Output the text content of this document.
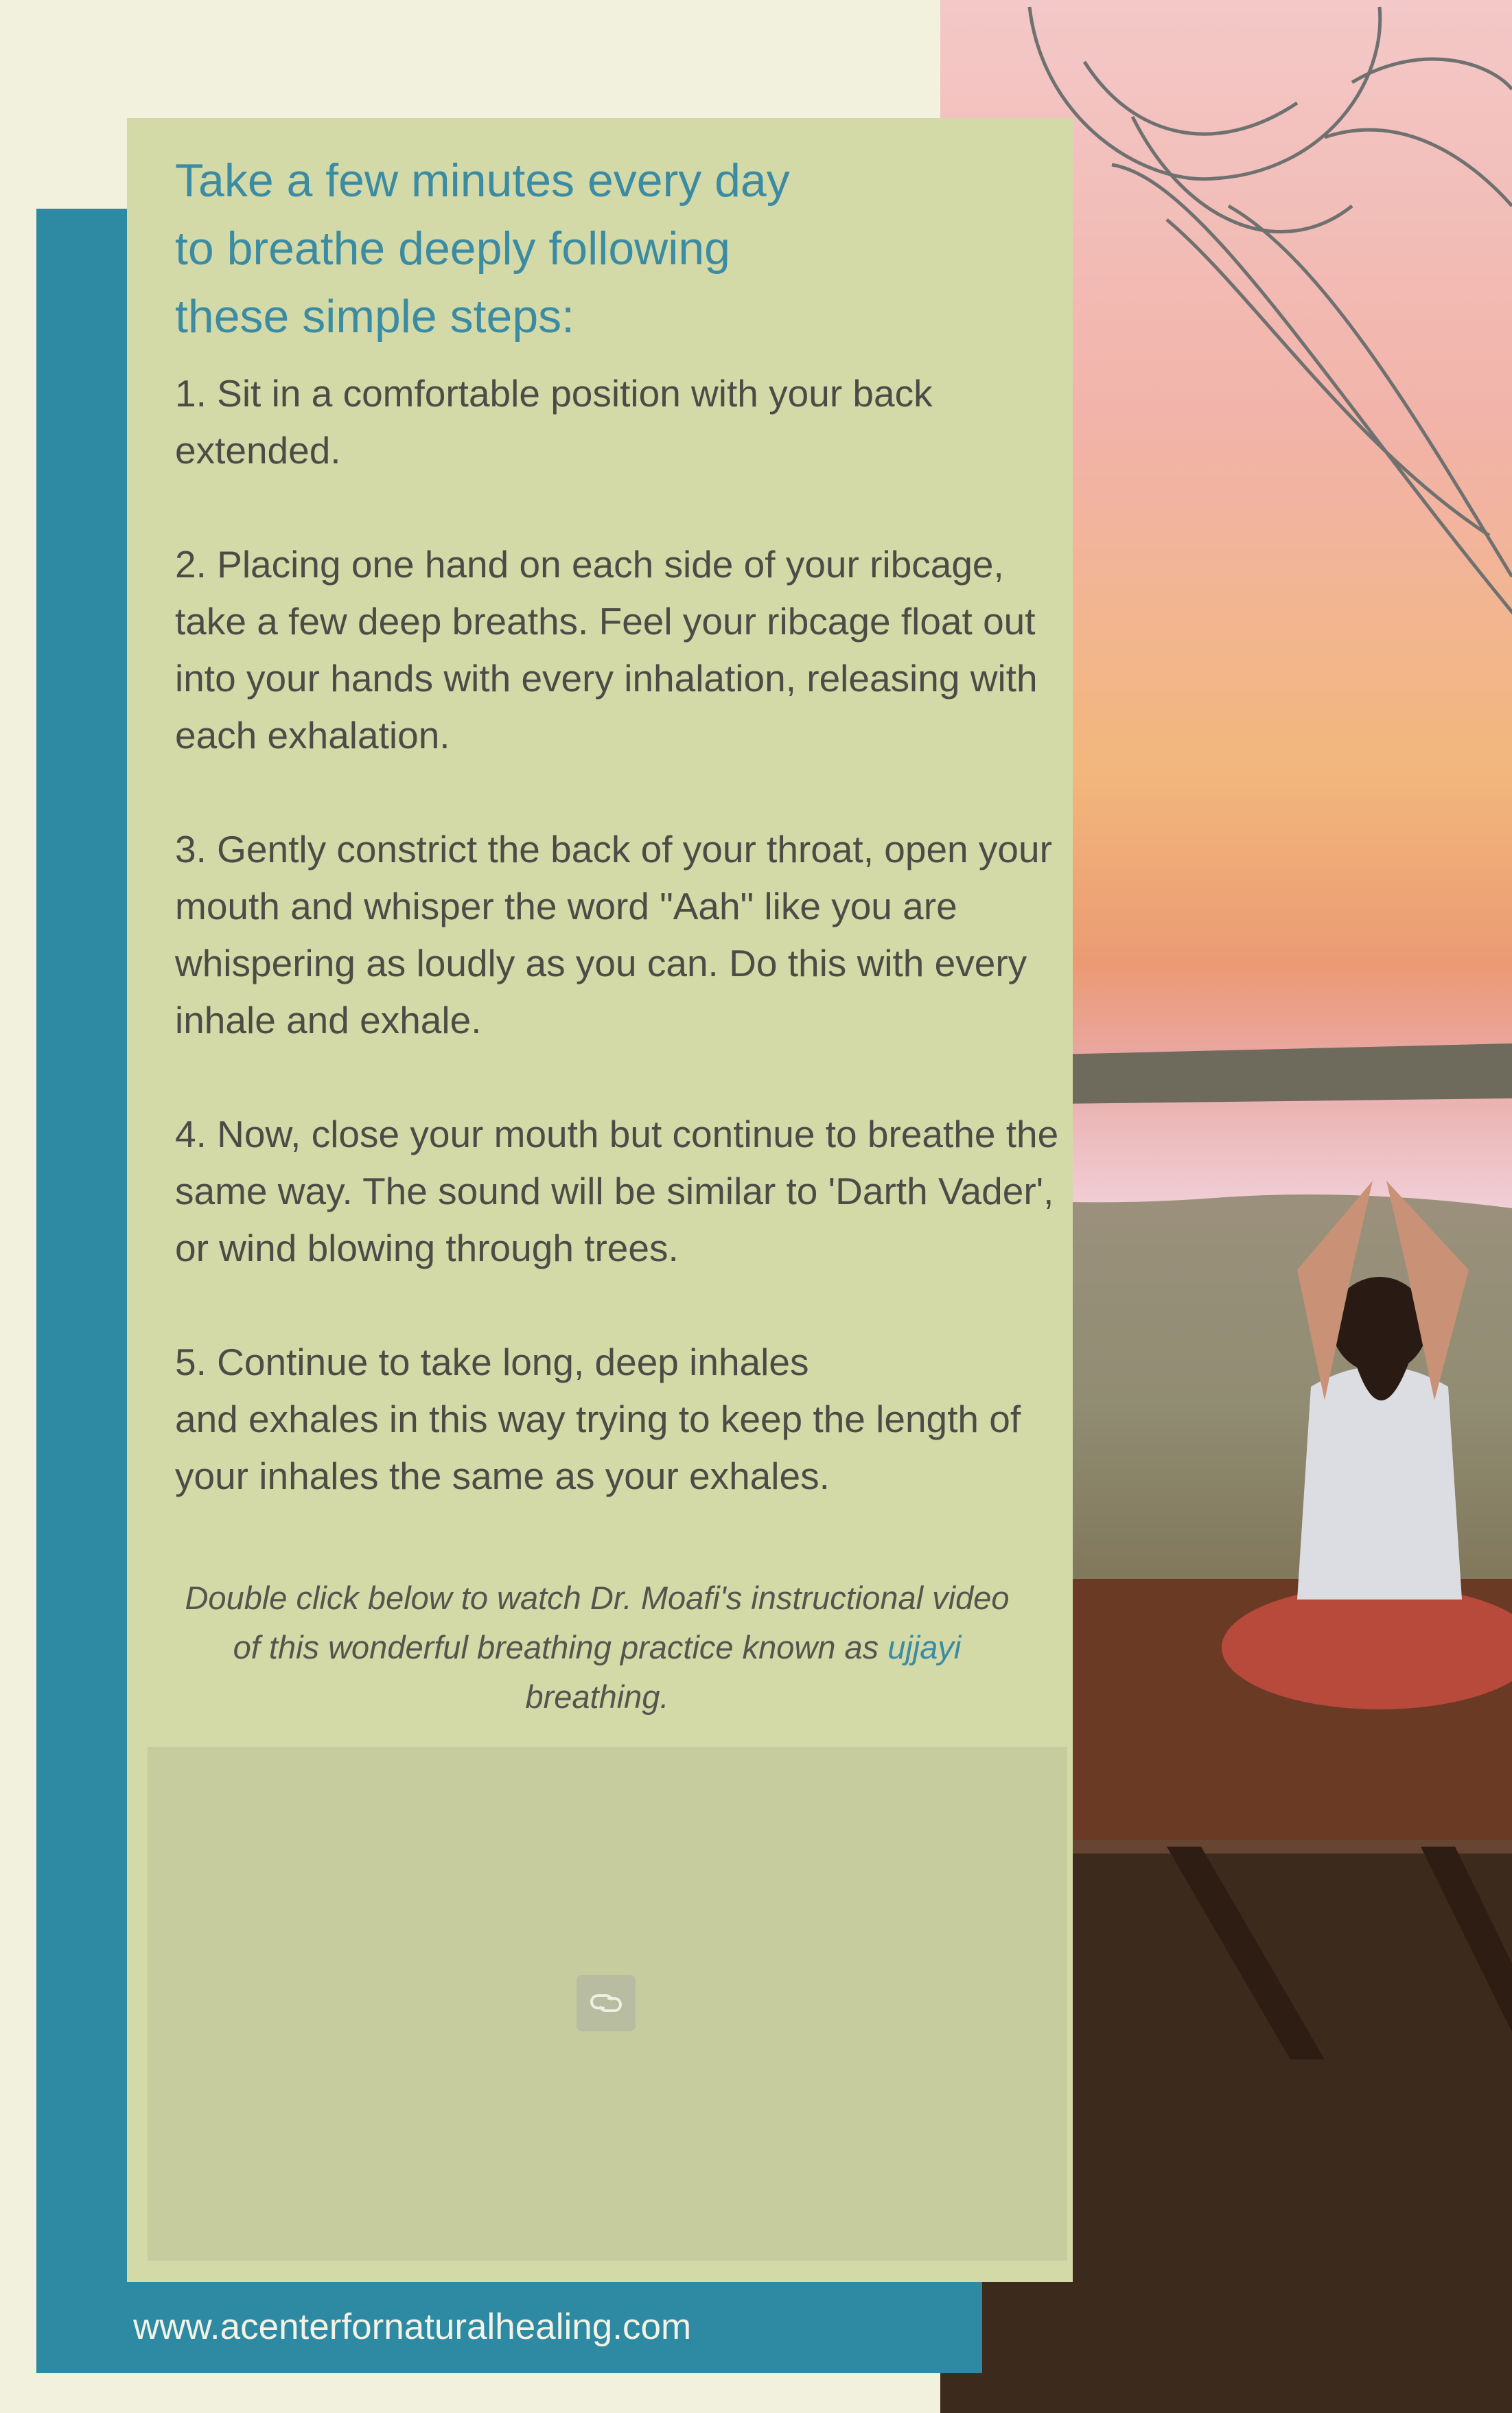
Take a few minutes every day
to breathe deeply following
these simple steps:

1. Sit in a comfortable position with your back extended.

2. Placing one hand on each side of your ribcage, take a few deep breaths. Feel your ribcage float out into your hands with every inhalation, releasing with each exhalation.

3. Gently constrict the back of your throat, open your mouth and whisper the word "Aah" like you are whispering as loudly as you can. Do this with every inhale and exhale.

4. Now, close your mouth but continue to breathe the same way. The sound will be similar to 'Darth Vader', or wind blowing through trees.

5. Continue to take long, deep inhales
and exhales in this way trying to keep the length of your inhales the same as your exhales.

Double click below to watch Dr. Moafi's instructional video of this wonderful breathing practice known as ujjayi breathing.

www.acenterfornaturalhealing.com
